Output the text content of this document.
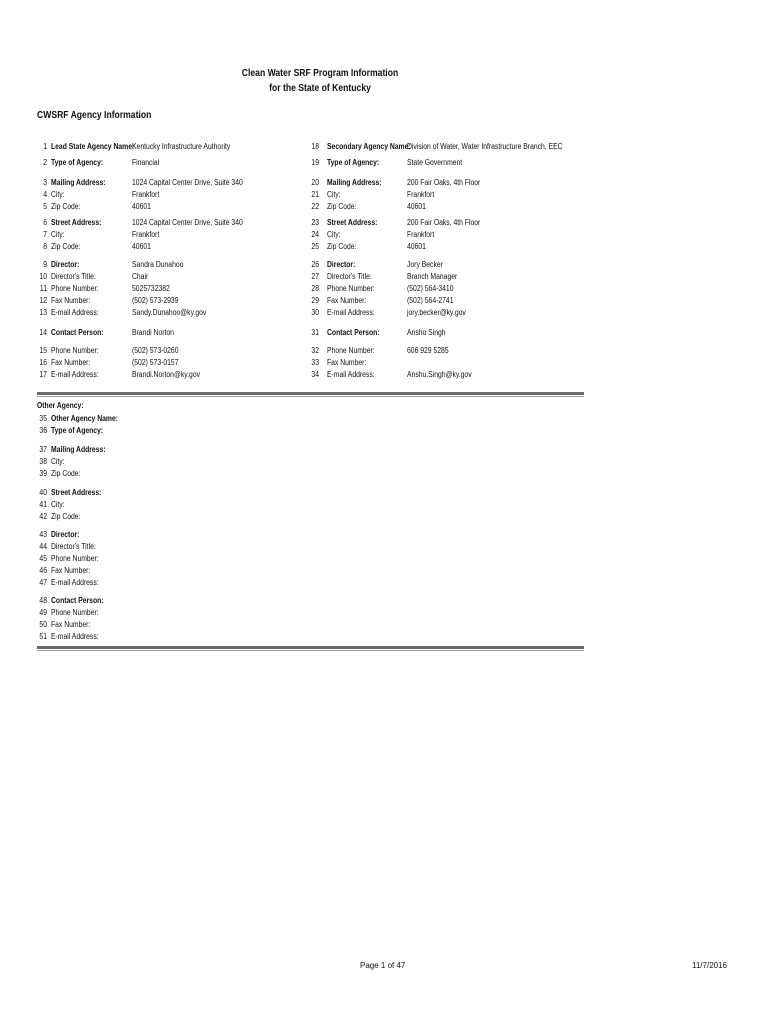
Clean Water SRF Program Information
for the State of Kentucky
CWSRF Agency Information
1 Lead State Agency Name:
Kentucky Infrastructure Authority
2 Type of Agency:	Financial
3 Mailing Address:	1024 Capital Center Drive, Suite 340
4 City:	Frankfort
5 Zip Code:	40601
6 Street Address:	1024 Capital Center Drive, Suite 340
7 City:	Frankfort
8 Zip Code:	40601
9 Director:	Sandra Dunahoo
10 Director's Title:	Chair
11 Phone Number:	5025732382
12 Fax Number:	(502) 573-2939
13 E-mail Address:	Sandy.Dunahoo@ky.gov
14 Contact Person:	Brandi Norton
15 Phone Number:	(502) 573-0260
16 Fax Number:	(502) 573-0157
17 E-mail Address:	Brandi.Norton@ky.gov
18 Secondary Agency Name:
Division of Water, Water Infrastructure Branch, EEC
19 Type of Agency:	State Government
20 Mailing Address:	200 Fair Oaks, 4th Floor
21 City:	Frankfort
22 Zip Code:	40601
23 Street Address:	200 Fair Oaks, 4th Floor
24 City:	Frankfort
25 Zip Code:	40601
26 Director:	Jory Becker
27 Director's Title:	Branch Manager
28 Phone Number:	(502) 564-3410
29 Fax Number:	(502) 564-2741
30 E-mail Address:	jory.becker@ky.gov
31 Contact Person:	Anshu Singh
32 Phone Number:	606 929 5285
33 Fax Number:
34 E-mail Address:	Anshu.Singh@ky.gov
Other Agency:
35 Other Agency Name:
36 Type of Agency:
37 Mailing Address:
38 City:
39 Zip Code:
40 Street Address:
41 City:
42 Zip Code:
43 Director:
44 Director's Title:
45 Phone Number:
46 Fax Number:
47 E-mail Address:
48 Contact Person:
49 Phone Number:
50 Fax Number:
51 E-mail Address:
Page 1 of 47	11/7/2016
